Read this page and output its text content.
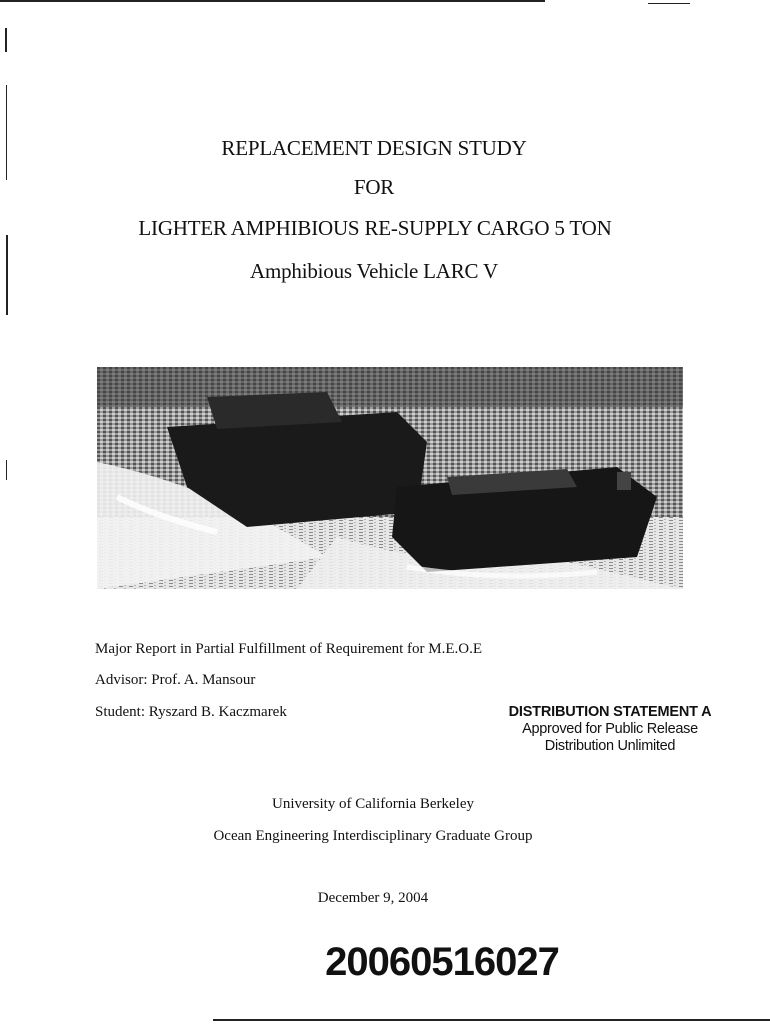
REPLACEMENT DESIGN STUDY
FOR
LIGHTER AMPHIBIOUS RE-SUPPLY CARGO 5 TON
Amphibious Vehicle LARC V
Major Report in Partial Fulfillment of Requirement for M.E.O.E
Advisor: Prof. A. Mansour
Student: Ryszard B. Kaczmarek	DISTRIBUTION STATEMENT A
Approved for Public Release
Distribution Unlimited
University of California Berkeley
Ocean Engineering Interdisciplinary Graduate Group
December 9, 2004
20060516027
